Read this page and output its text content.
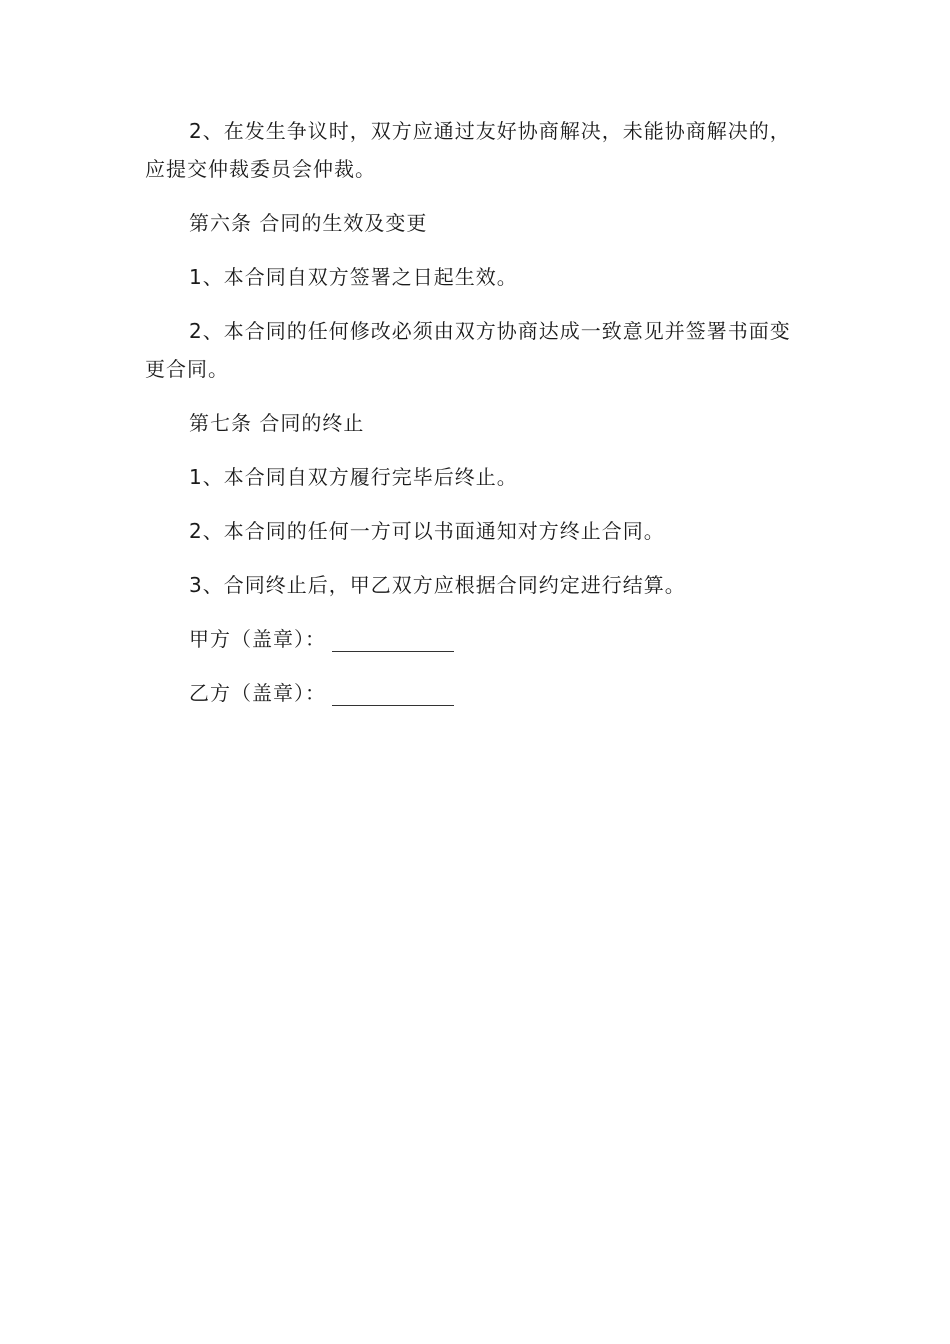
2、在发生争议时，双方应通过友好协商解决，未能协商解决的，应提交仲裁委员会仲裁。

第六条 合同的生效及变更

1、本合同自双方签署之日起生效。

2、本合同的任何修改必须由双方协商达成一致意见并签署书面变更合同。

第七条 合同的终止

1、本合同自双方履行完毕后终止。

2、本合同的任何一方可以书面通知对方终止合同。

3、合同终止后，甲乙双方应根据合同约定进行结算。

甲方（盖章）：
乙方（盖章）：
